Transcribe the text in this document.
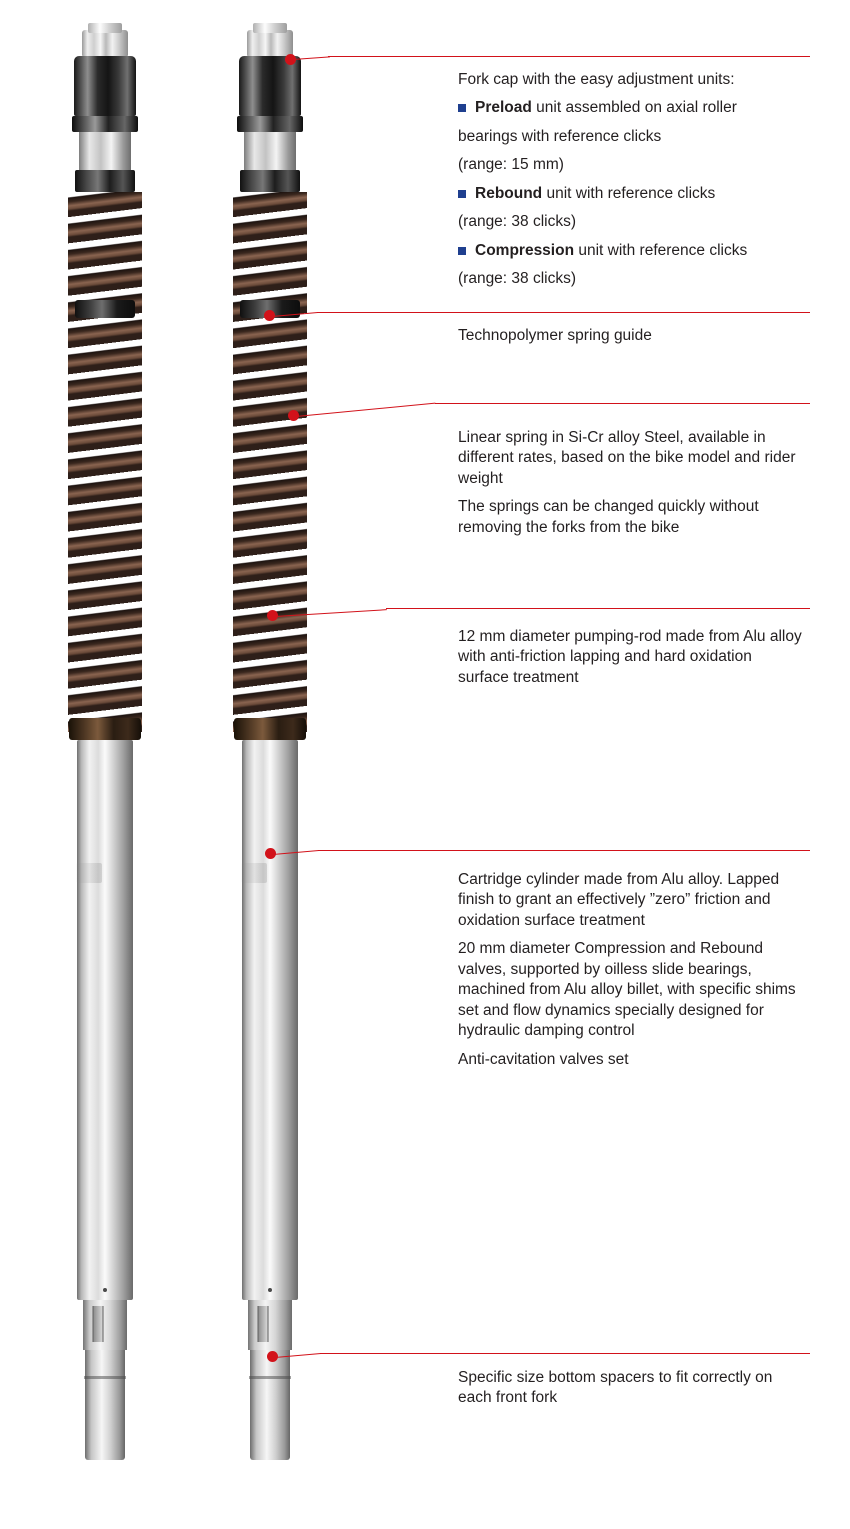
Fork cap with the easy adjustment units:

Preload unit assembled on axial roller

bearings with reference clicks

(range: 15 mm)

Rebound unit with reference clicks

(range: 38 clicks)

Compression unit with reference clicks

(range: 38 clicks)

Technopolymer spring guide

Linear spring in Si-Cr alloy Steel, available in different rates, based on the bike model and rider weight

The springs can be changed quickly without removing the forks from the bike

12 mm diameter pumping-rod made from Alu alloy with anti-friction lapping and hard oxidation surface treatment

Cartridge cylinder made from Alu alloy. Lapped finish to grant an effectively ”zero” friction and oxidation surface treatment

20 mm diameter Compression and Rebound valves, supported by oilless slide bearings, machined from Alu alloy billet, with specific shims set and flow dynamics specially designed for hydraulic damping control

Anti-cavitation valves set

Specific size bottom spacers to fit correctly on each front fork
